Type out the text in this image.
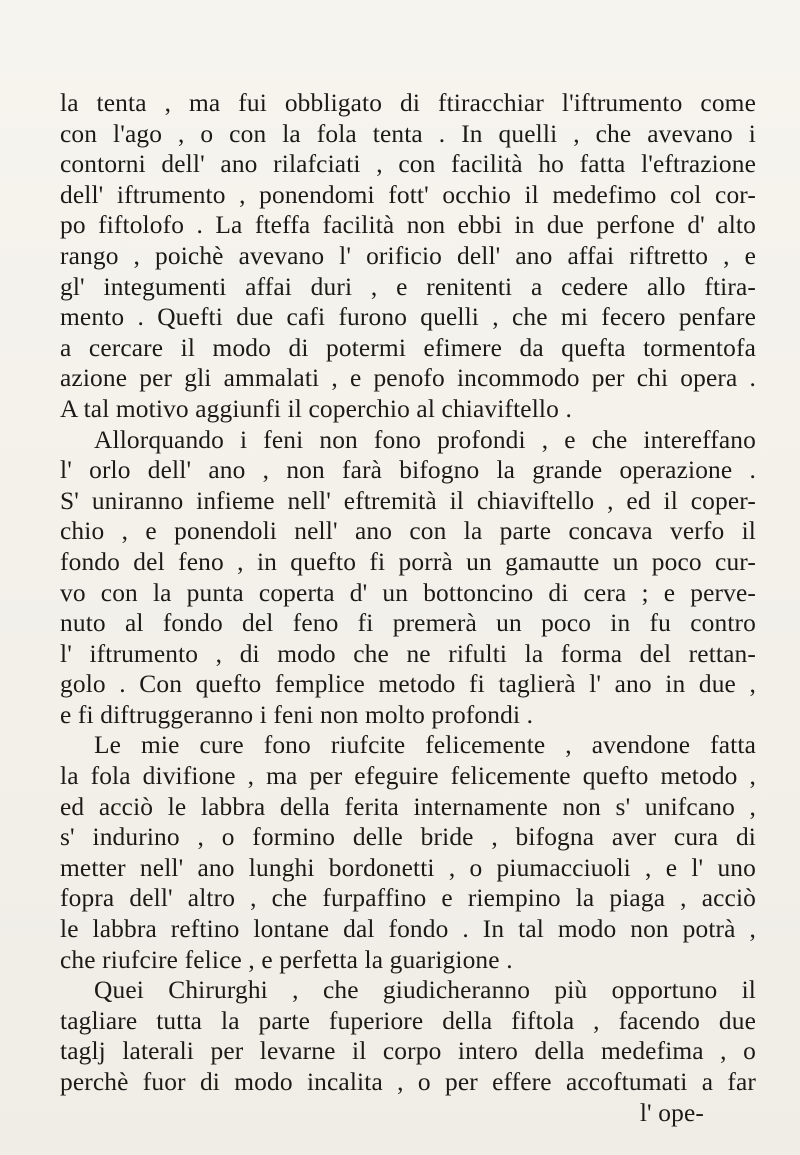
la tenta , ma fui obbligato di ftiracchiar l'iftrumento come
con l'ago , o con la fola tenta . In quelli , che avevano i
contorni dell' ano rilafciati , con facilità ho fatta l'eftrazione
dell' iftrumento , ponendomi fott' occhio il medefimo col cor-
po fiftolofo . La fteffa facilità non ebbi in due perfone d' alto
rango , poichè avevano l' orificio dell' ano affai riftretto , e
gl' integumenti affai duri , e renitenti a cedere allo ftira-
mento . Quefti due cafi furono quelli , che mi fecero penfare
a cercare il modo di potermi efimere da quefta tormentofa
azione per gli ammalati , e penofo incommodo per chi opera .
A tal motivo aggiunfi il coperchio al chiaviftello .
Allorquando i feni non fono profondi , e che intereffano
l' orlo dell' ano , non farà bifogno la grande operazione .
S' uniranno infieme nell' eftremità il chiaviftello , ed il coper-
chio , e ponendoli nell' ano con la parte concava verfo il
fondo del feno , in quefto fi porrà un gamautte un poco cur-
vo con la punta coperta d' un bottoncino di cera ; e perve-
nuto al fondo del feno fi premerà un poco in fu contro
l' iftrumento , di modo che ne rifulti la forma del rettan-
golo . Con quefto femplice metodo fi taglierà l' ano in due ,
e fi diftruggeranno i feni non molto profondi .
Le mie cure fono riufcite felicemente , avendone fatta
la fola divifione , ma per efeguire felicemente quefto metodo ,
ed acciò le labbra della ferita internamente non s' unifcano ,
s' indurino , o formino delle bride , bifogna aver cura di
metter nell' ano lunghi bordonetti , o piumacciuoli , e l' uno
fopra dell' altro , che furpaffino e riempino la piaga , acciò
le labbra reftino lontane dal fondo . In tal modo non potrà ,
che riufcire felice , e perfetta la guarigione .
Quei Chirurghi , che giudicheranno più opportuno il
tagliare tutta la parte fuperiore della fiftola , facendo due
taglj laterali per levarne il corpo intero della medefima , o
perchè fuor di modo incalita , o per effere accoftumati a far
l' ope-
